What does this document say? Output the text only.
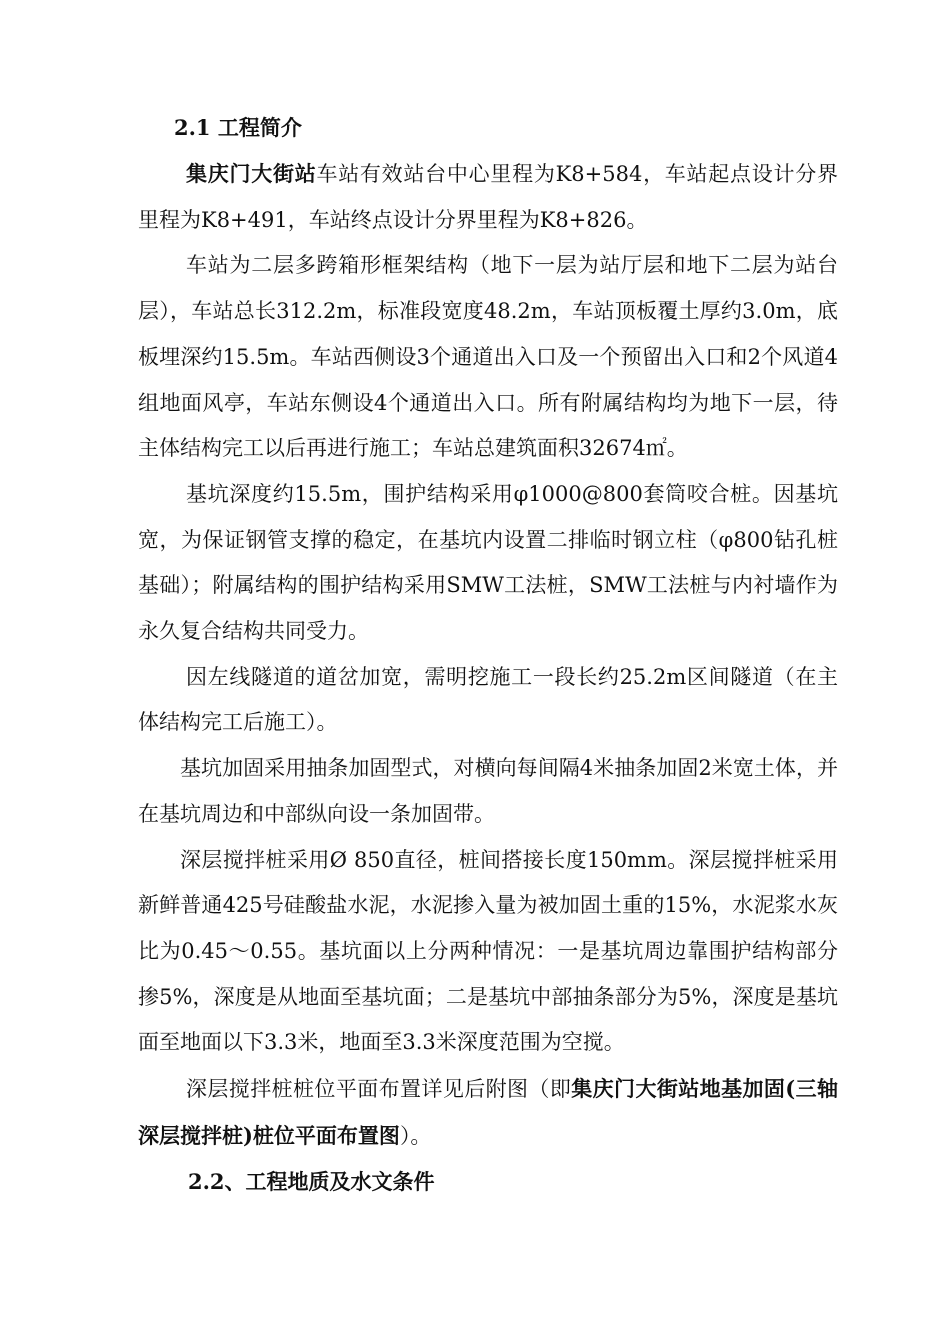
2.1 工程简介

集庆门大街站车站有效站台中心里程为K8+584，车站起点设计分界里程为K8+491，车站终点设计分界里程为K8+826。

车站为二层多跨箱形框架结构（地下一层为站厅层和地下二层为站台层），车站总长312.2m，标准段宽度48.2m，车站顶板覆土厚约3.0m，底板埋深约15.5m。车站西侧设3个通道出入口及一个预留出入口和2个风道4组地面风亭，车站东侧设4个通道出入口。所有附属结构均为地下一层，待主体结构完工以后再进行施工；车站总建筑面积32674㎡。

基坑深度约15.5m，围护结构采用φ1000@800套筒咬合桩。因基坑宽，为保证钢管支撑的稳定，在基坑内设置二排临时钢立柱（φ800钻孔桩基础）；附属结构的围护结构采用SMW工法桩，SMW工法桩与内衬墙作为永久复合结构共同受力。

因左线隧道的道岔加宽，需明挖施工一段长约25.2m区间隧道（在主体结构完工后施工）。

基坑加固采用抽条加固型式，对横向每间隔4米抽条加固2米宽土体，并在基坑周边和中部纵向设一条加固带。

深层搅拌桩采用Ø 850直径，桩间搭接长度150mm。深层搅拌桩采用新鲜普通425号硅酸盐水泥，水泥掺入量为被加固土重的15%，水泥浆水灰比为0.45～0.55。基坑面以上分两种情况：一是基坑周边靠围护结构部分掺5%，深度是从地面至基坑面；二是基坑中部抽条部分为5%，深度是基坑面至地面以下3.3米，地面至3.3米深度范围为空搅。

深层搅拌桩桩位平面布置详见后附图（即集庆门大街站地基加固(三轴深层搅拌桩)桩位平面布置图）。

2.2、工程地质及水文条件
